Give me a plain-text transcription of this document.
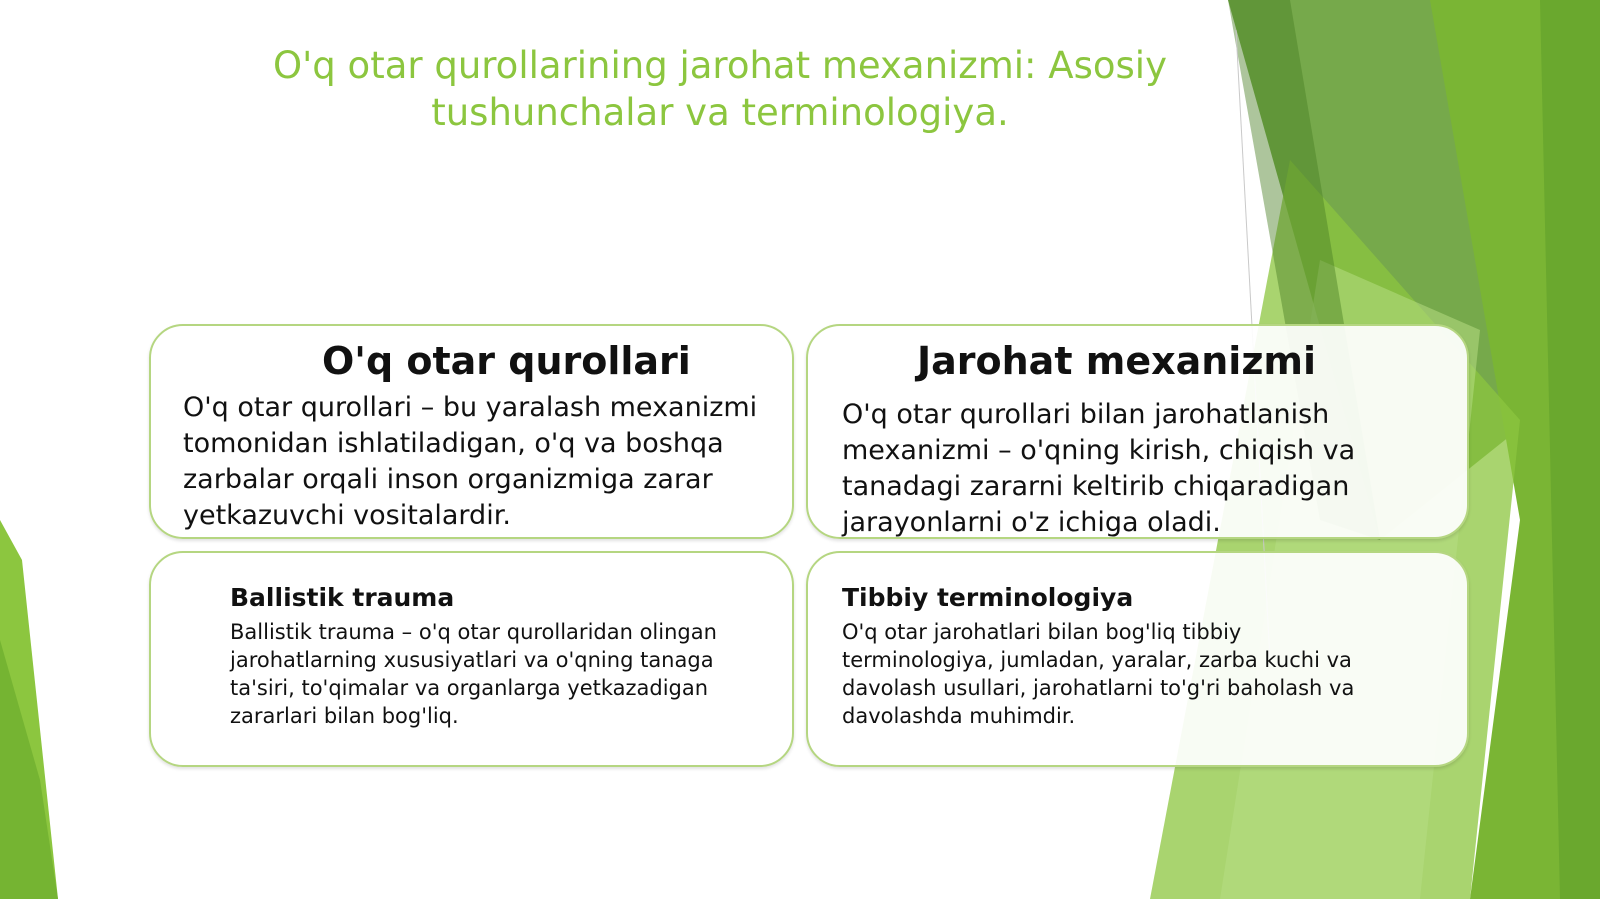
O'q otar qurollarining jarohat mexanizmi: Asosiy tushunchalar va terminologiya.
O'q otar qurollari
O'q otar qurollari – bu yaralash mexanizmi tomonidan ishlatiladigan, o'q va boshqa zarbalar orqali inson organizmiga zarar yetkazuvchi vositalardir.
Jarohat mexanizmi
O'q otar qurollari bilan jarohatlanish mexanizmi – o'qning kirish, chiqish va tanadagi zararni keltirib chiqaradigan jarayonlarni o'z ichiga oladi.
Ballistik trauma
Ballistik trauma – o'q otar qurollaridan olingan jarohatlarning xususiyatlari va o'qning tanaga ta'siri, to'qimalar va organlarga yetkazadigan zararlari bilan bog'liq.
Tibbiy terminologiya
O'q otar jarohatlari bilan bog'liq tibbiy terminologiya, jumladan, yaralar, zarba kuchi va davolash usullari, jarohatlarni to'g'ri baholash va davolashda muhimdir.
